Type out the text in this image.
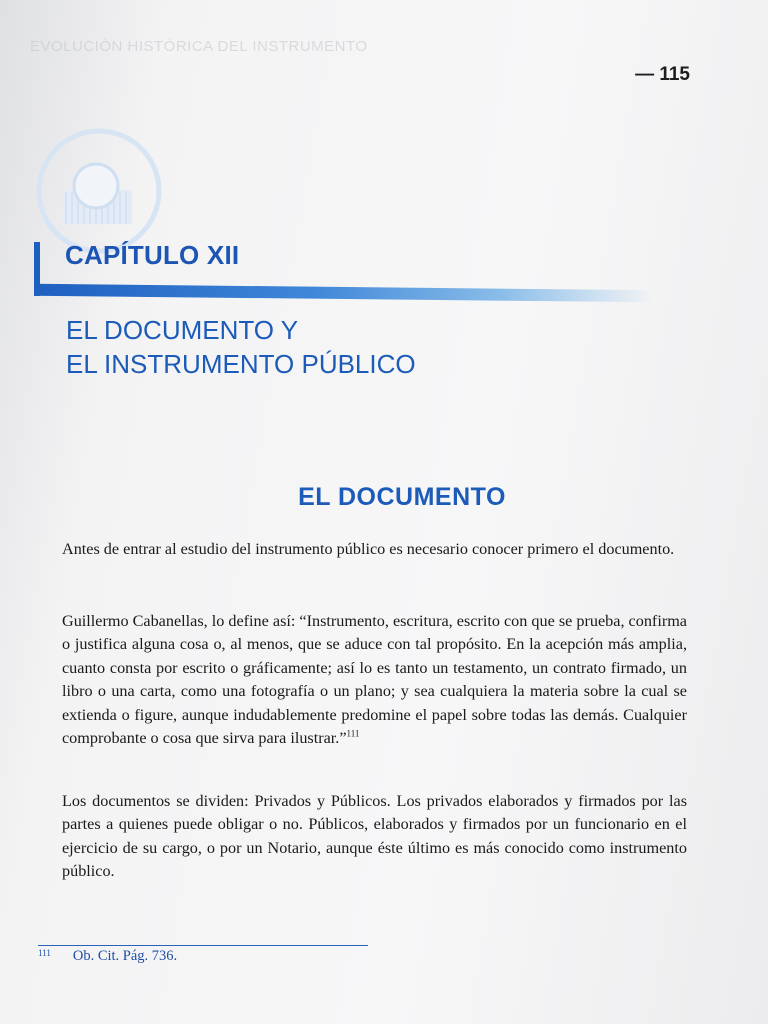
EVOLUCIÓN HISTÓRICA DEL INSTRUMENTO
— 115
CAPÍTULO XII
EL DOCUMENTO Y
EL INSTRUMENTO PÚBLICO
EL DOCUMENTO

Antes de entrar al estudio del instrumento público es necesario conocer primero el documento.

Guillermo Cabanellas, lo define así: “Instrumento, escritura, escrito con que se prueba, confirma o justifica alguna cosa o, al menos, que se aduce con tal propósito. En la acepción más amplia, cuanto consta por escrito o gráficamente; así lo es tanto un testamento, un contrato firmado, un libro o una carta, como una fotografía o un plano; y sea cualquiera la materia sobre la cual se extienda o figure, aunque indudablemente predomine el papel sobre todas las demás. Cualquier comprobante o cosa que sirva para ilustrar.”$^{111}$

Los documentos se dividen: Privados y Públicos. Los privados elaborados y firmados por las partes a quienes puede obligar o no. Públicos, elaborados y firmados por un funcionario en el ejercicio de su cargo, o por un Notario, aunque éste último es más conocido como instrumento público.

$^{111}$ Ob. Cit. Pág. 736.
